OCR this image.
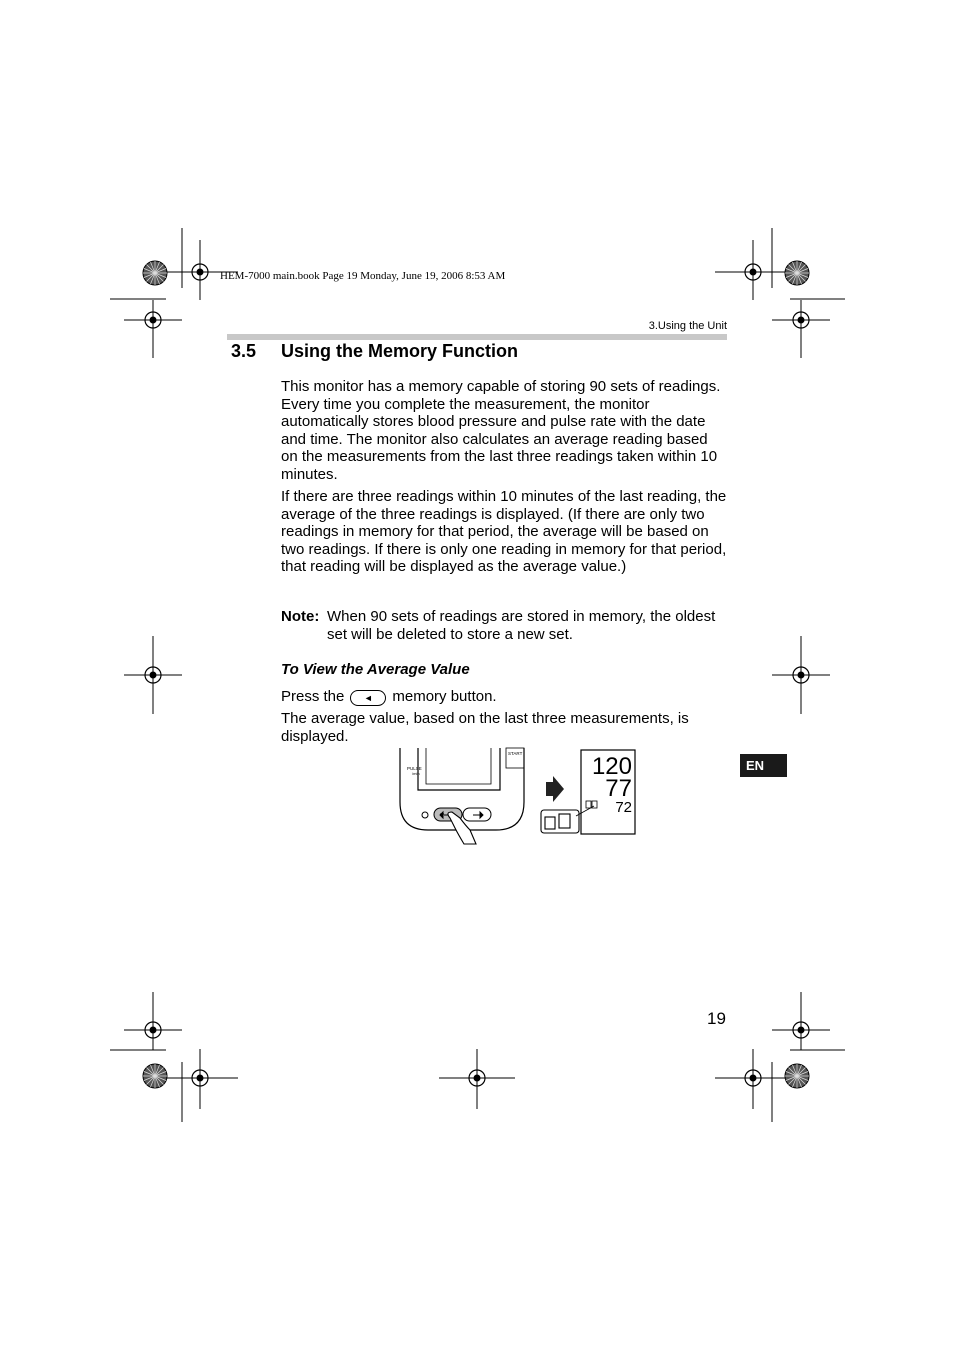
HEM-7000 main.book Page 19 Monday, June 19, 2006 8:53 AM
3.Using the Unit
3.5 Using the Memory Function
This monitor has a memory capable of storing 90 sets of readings. Every time you complete the measurement, the monitor automatically stores blood pressure and pulse rate with the date and time. The monitor also calculates an average reading based on the measurements from the last three readings taken within 10 minutes.
If there are three readings within 10 minutes of the last reading, the average of the three readings is displayed. (If there are only two readings in memory for that period, the average will be based on two readings. If there is only one reading in memory for that period, that reading will be displayed as the average value.)
Note: When 90 sets of readings are stored in memory, the oldest set will be deleted to store a new set.
To View the Average Value
Press the	◄	memory button.
The average value, based on the last three measurements, is displayed.
START
PULSE
/min	120
77
72
EN
19
